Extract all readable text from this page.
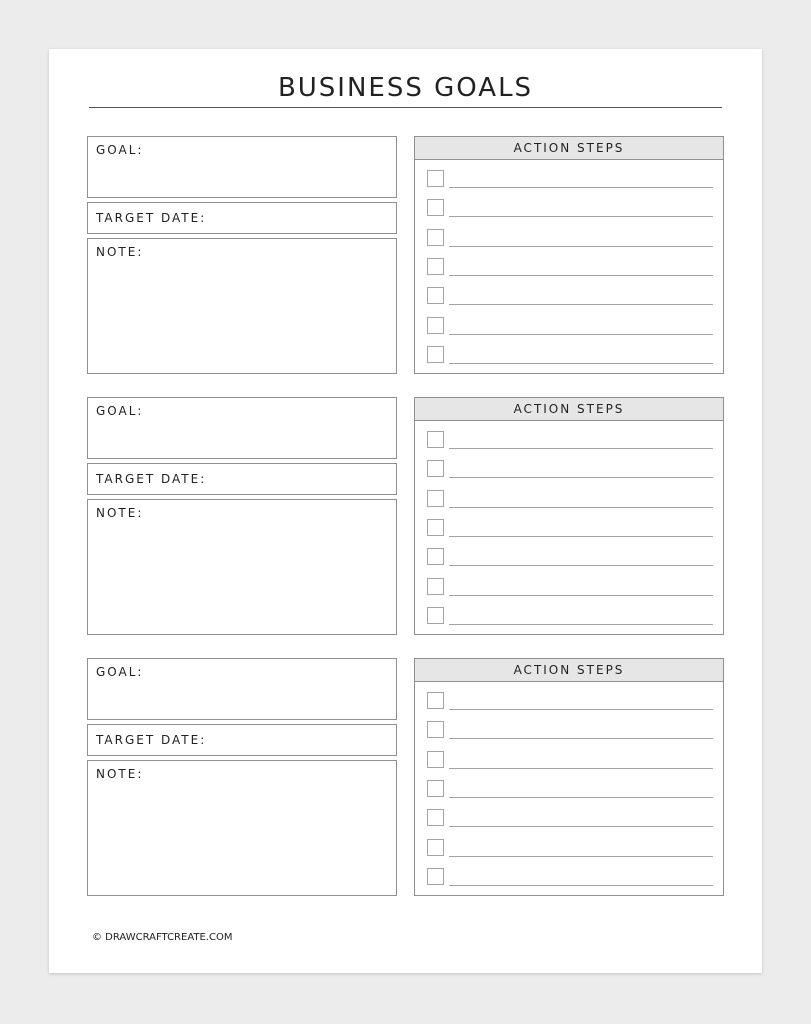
BUSINESS GOALS
GOAL:
TARGET DATE:
NOTE:
ACTION STEPS
GOAL:
TARGET DATE:
NOTE:
ACTION STEPS
GOAL:
TARGET DATE:
NOTE:
ACTION STEPS
© DRAWCRAFTCREATE.COM
